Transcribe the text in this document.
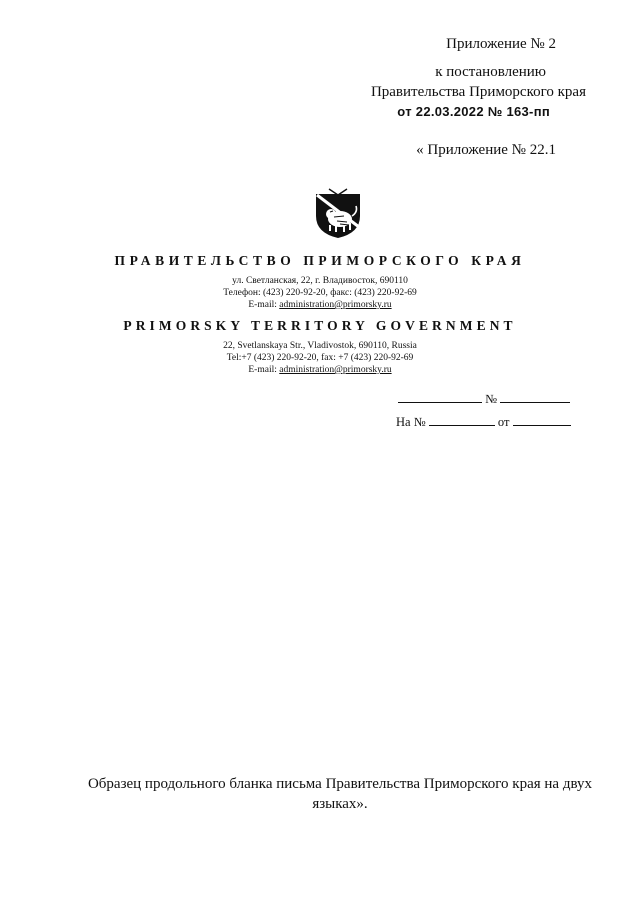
Приложение № 2
к постановлению
Правительства Приморского края
от 22.03.2022 № 163-пп
« Приложение № 22.1
ПРАВИТЕЛЬСТВО ПРИМОРСКОГО КРАЯ
ул. Светланская, 22, г. Владивосток, 690110
Телефон: (423) 220-92-20, факс: (423) 220-92-69
E-mail: administration@primorsky.ru
PRIMORSKY TERRITORY GOVERNMENT
22, Svetlanskaya Str., Vladivostok, 690110, Russia
Tel:+7 (423) 220-92-20, fax: +7 (423) 220-92-69
E-mail: administration@primorsky.ru
№
На №	от
Образец продольного бланка письма Правительства Приморского края на двух языках».
